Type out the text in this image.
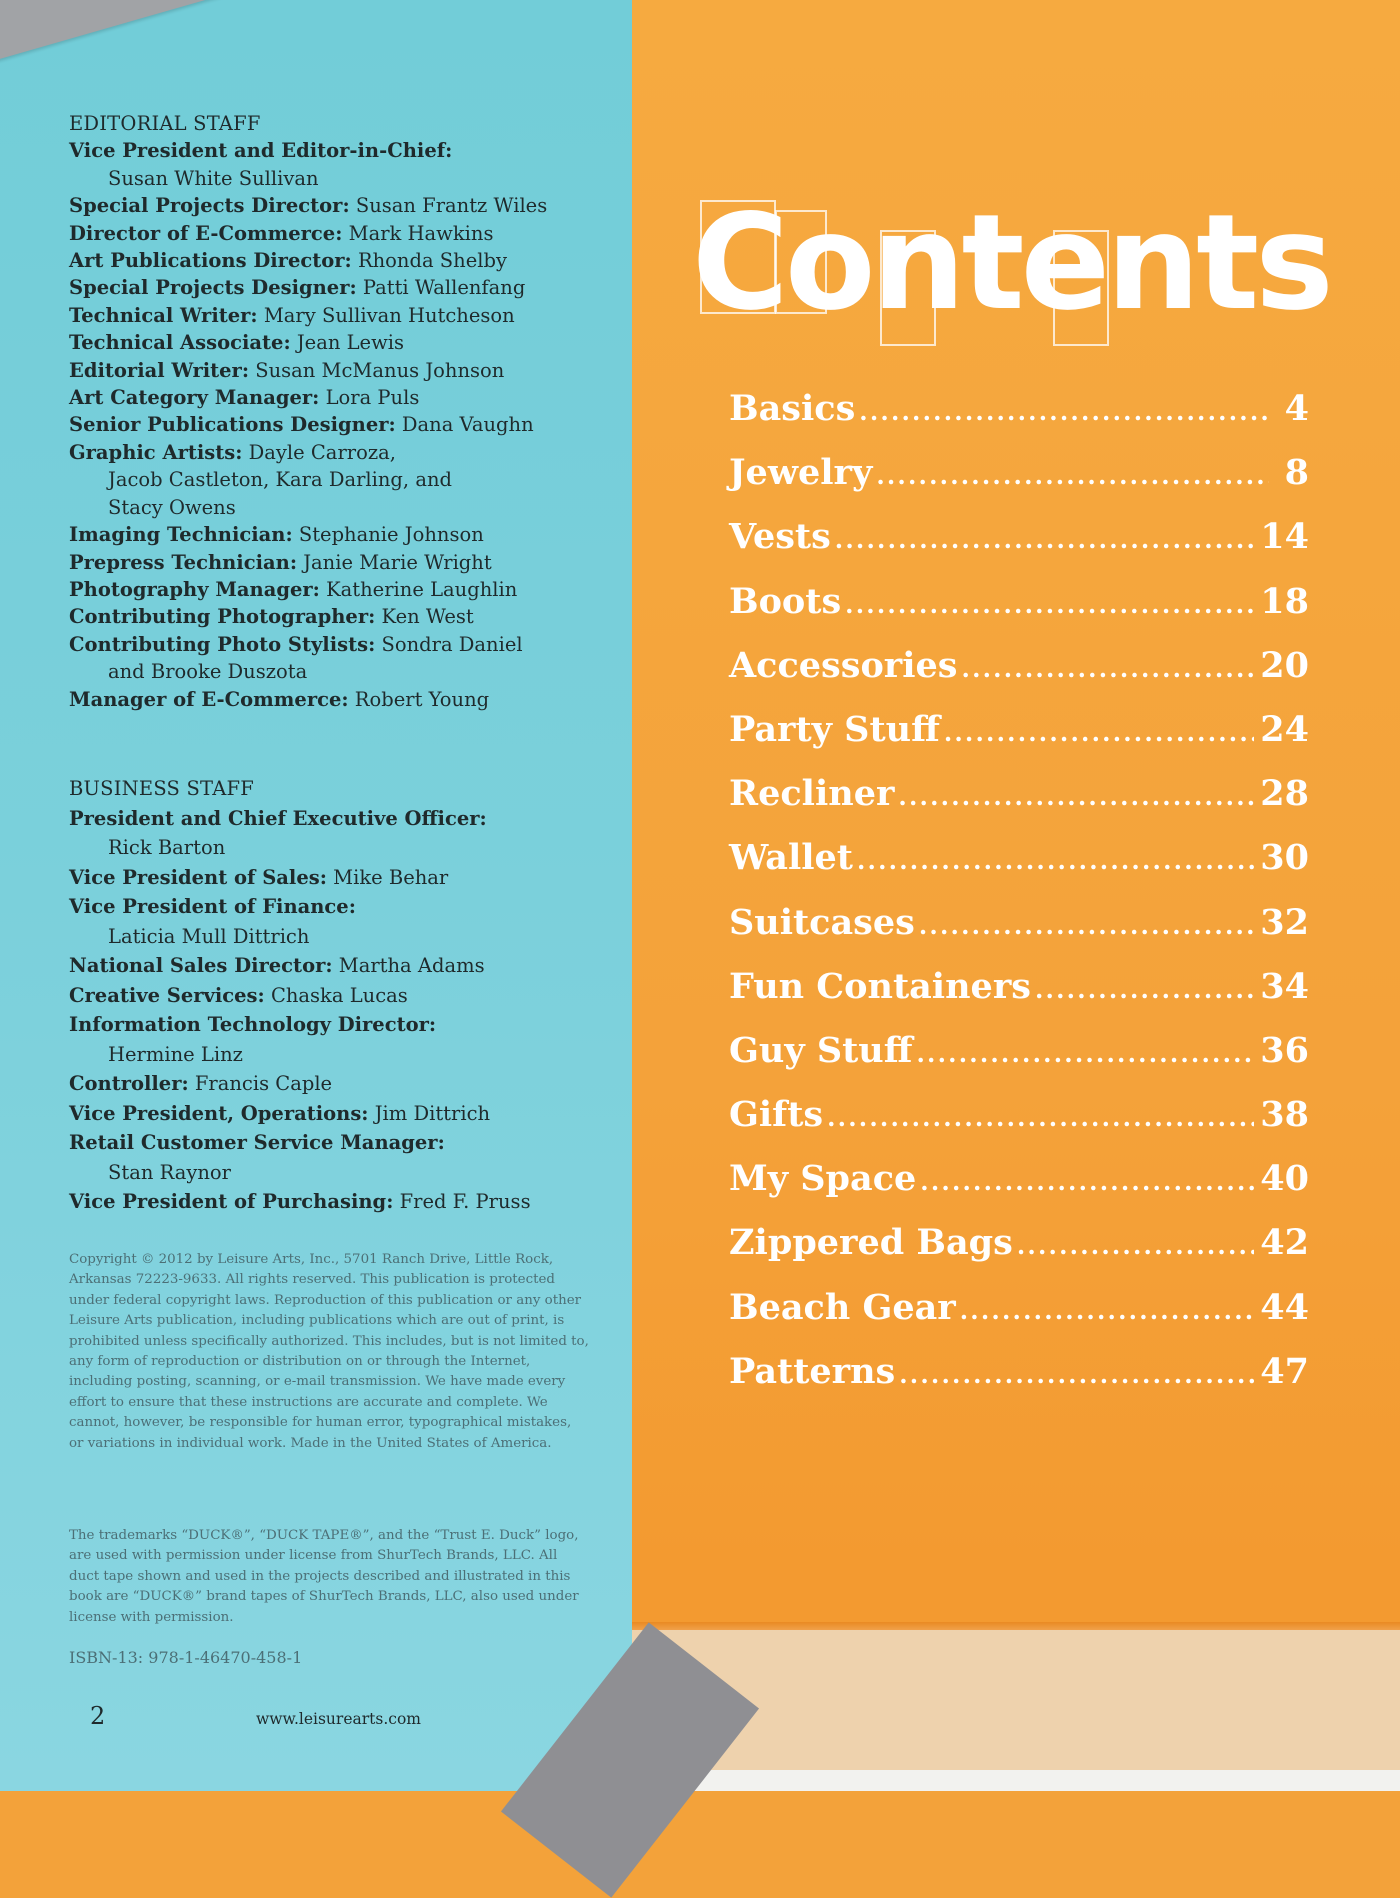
EDITORIAL STAFF
Vice President and Editor-in-Chief:
Susan White Sullivan
Special Projects Director: Susan Frantz Wiles
Director of E-Commerce: Mark Hawkins
Art Publications Director: Rhonda Shelby
Special Projects Designer: Patti Wallenfang
Technical Writer: Mary Sullivan Hutcheson
Technical Associate: Jean Lewis
Editorial Writer: Susan McManus Johnson
Art Category Manager: Lora Puls
Senior Publications Designer: Dana Vaughn
Graphic Artists: Dayle Carroza,
Jacob Castleton, Kara Darling, and
Stacy Owens
Imaging Technician: Stephanie Johnson
Prepress Technician: Janie Marie Wright
Photography Manager: Katherine Laughlin
Contributing Photographer: Ken West
Contributing Photo Stylists: Sondra Daniel
and Brooke Duszota
Manager of E-Commerce: Robert Young
BUSINESS STAFF
President and Chief Executive Officer:
Rick Barton
Vice President of Sales: Mike Behar
Vice President of Finance:
Laticia Mull Dittrich
National Sales Director: Martha Adams
Creative Services: Chaska Lucas
Information Technology Director:
Hermine Linz
Controller: Francis Caple
Vice President, Operations: Jim Dittrich
Retail Customer Service Manager:
Stan Raynor
Vice President of Purchasing: Fred F. Pruss
Copyright © 2012 by Leisure Arts, Inc., 5701 Ranch Drive, Little Rock, Arkansas 72223-9633. All rights reserved. This publication is protected under federal copyright laws. Reproduction of this publication or any other Leisure Arts publication, including publications which are out of print, is prohibited unless specifically authorized. This includes, but is not limited to, any form of reproduction or distribution on or through the Internet, including posting, scanning, or e-mail transmission. We have made every effort to ensure that these instructions are accurate and complete. We cannot, however, be responsible for human error, typographical mistakes, or variations in individual work. Made in the United States of America.
The trademarks “DUCK®”, “DUCK TAPE®”, and the “Trust E. Duck” logo, are used with permission under license from ShurTech Brands, LLC. All duct tape shown and used in the projects described and illustrated in this book are “DUCK®” brand tapes of ShurTech Brands, LLC, also used under license with permission.
ISBN-13: 978-1-46470-458-1
2	www.leisurearts.com
Contents
Basics .....	4
Jewelry .....	8
Vests .....	14
Boots .....	18
Accessories .....	20
Party Stuff .....	24
Recliner .....	28
Wallet .....	30
Suitcases .....	32
Fun Containers .....	34
Guy Stuff .....	36
Gifts .....	38
My Space .....	40
Zippered Bags .....	42
Beach Gear .....	44
Patterns .....	47
